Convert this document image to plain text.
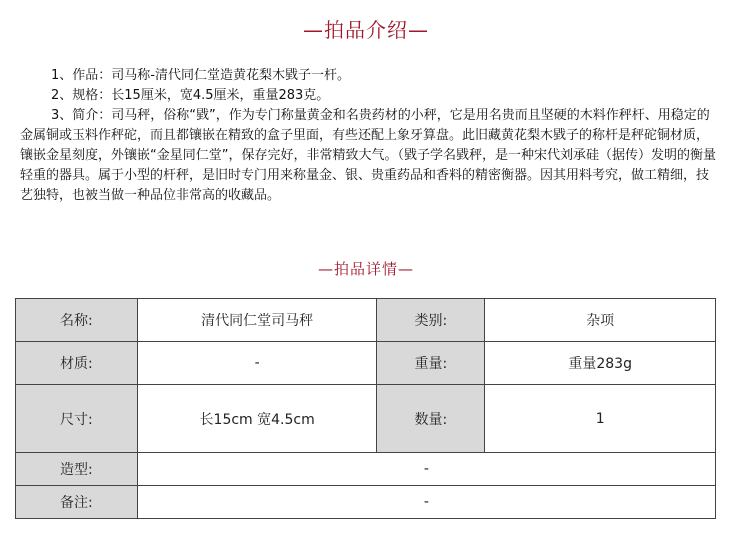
—拍品介绍—

1、作品：司马称-清代同仁堂造黄花梨木戥子一杆。

2、规格：长15厘米，宽4.5厘米，重量283克。

3、简介：司马秤，俗称“戥”，作为专门称量黄金和名贵药材的小秤，它是用名贵而且坚硬的木料作秤杆、用稳定的金属铜或玉料作秤砣，而且都镶嵌在精致的盒子里面，有些还配上象牙算盘。此旧藏黄花梨木戥子的称杆是秤砣铜材质，镶嵌金星刻度，外镶嵌“金星同仁堂”，保存完好，非常精致大气。（戥子学名戥秤，是一种宋代刘承硅（据传）发明的衡量轻重的器具。属于小型的杆秤，是旧时专门用来称量金、银、贵重药品和香料的精密衡器。因其用料考究，做工精细，技艺独特，也被当做一种品位非常高的收藏品。

—拍品详情—
名称:	清代同仁堂司马秤	类别:	杂项
材质:	-	重量:	重量283g
尺寸:	长15cm 宽4.5cm	数量:	1
造型:	-		
备注:	-		
